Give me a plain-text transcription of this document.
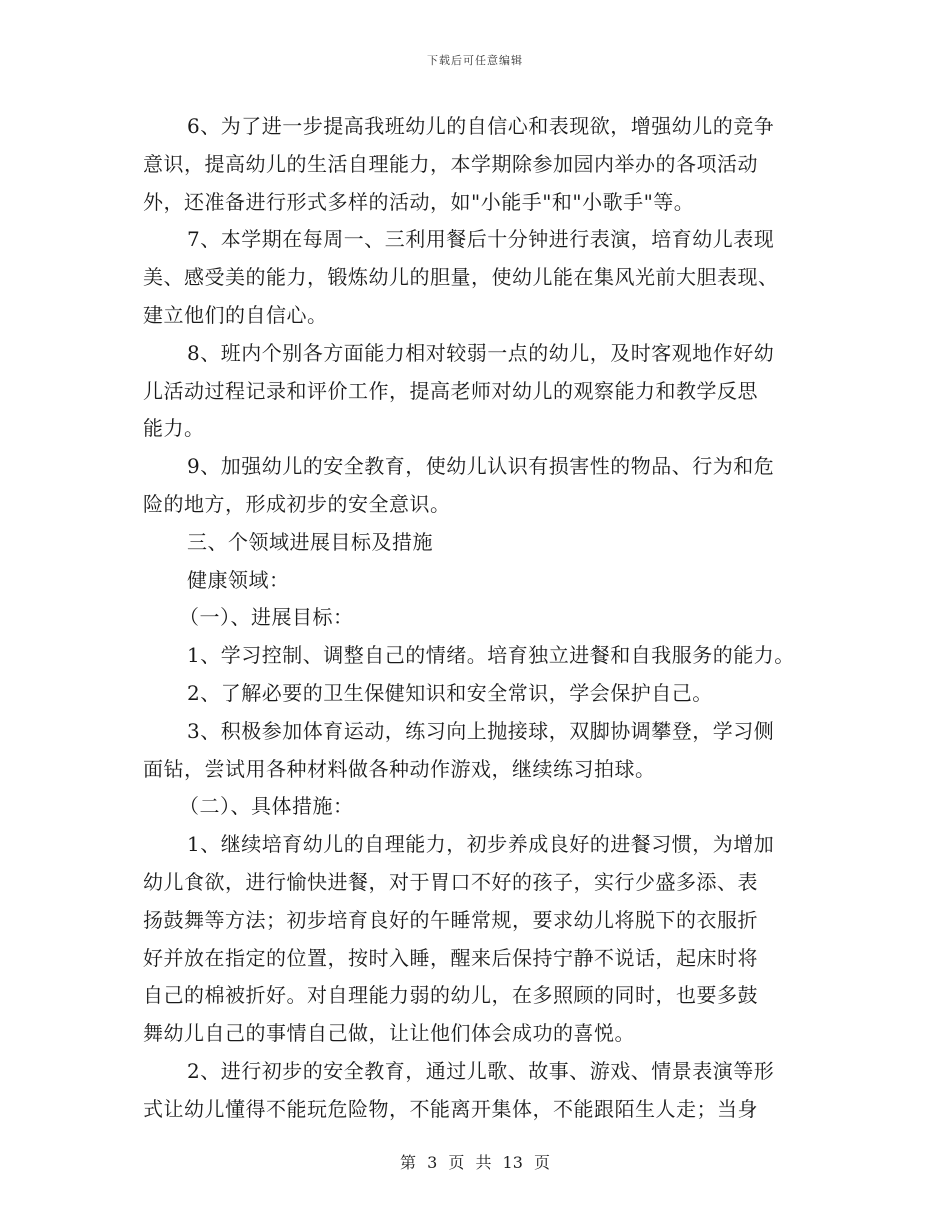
下载后可任意编辑
6、为了进一步提高我班幼儿的自信心和表现欲，增强幼儿的竞争
意识，提高幼儿的生活自理能力，本学期除参加园内举办的各项活动
外，还准备进行形式多样的活动，如"小能手"和"小歌手"等。
7、本学期在每周一、三利用餐后十分钟进行表演，培育幼儿表现
美、感受美的能力，锻炼幼儿的胆量，使幼儿能在集风光前大胆表现、
建立他们的自信心。
8、班内个别各方面能力相对较弱一点的幼儿，及时客观地作好幼
儿活动过程记录和评价工作，提高老师对幼儿的观察能力和教学反思
能力。
9、加强幼儿的安全教育，使幼儿认识有损害性的物品、行为和危
险的地方，形成初步的安全意识。
三、个领域进展目标及措施
健康领域：
（一）、进展目标：
1、学习控制、调整自己的情绪。培育独立进餐和自我服务的能力。
2、了解必要的卫生保健知识和安全常识，学会保护自己。
3、积极参加体育运动，练习向上抛接球，双脚协调攀登，学习侧
面钻，尝试用各种材料做各种动作游戏，继续练习拍球。
（二）、具体措施：
1、继续培育幼儿的自理能力，初步养成良好的进餐习惯，为增加
幼儿食欲，进行愉快进餐，对于胃口不好的孩子，实行少盛多添、表
扬鼓舞等方法；初步培育良好的午睡常规，要求幼儿将脱下的衣服折
好并放在指定的位置，按时入睡，醒来后保持宁静不说话，起床时将
自己的棉被折好。对自理能力弱的幼儿，在多照顾的同时，也要多鼓
舞幼儿自己的事情自己做，让让他们体会成功的喜悦。
2、进行初步的安全教育，通过儿歌、故事、游戏、情景表演等形
式让幼儿懂得不能玩危险物，不能离开集体，不能跟陌生人走；当身
第 3 页 共 13 页
